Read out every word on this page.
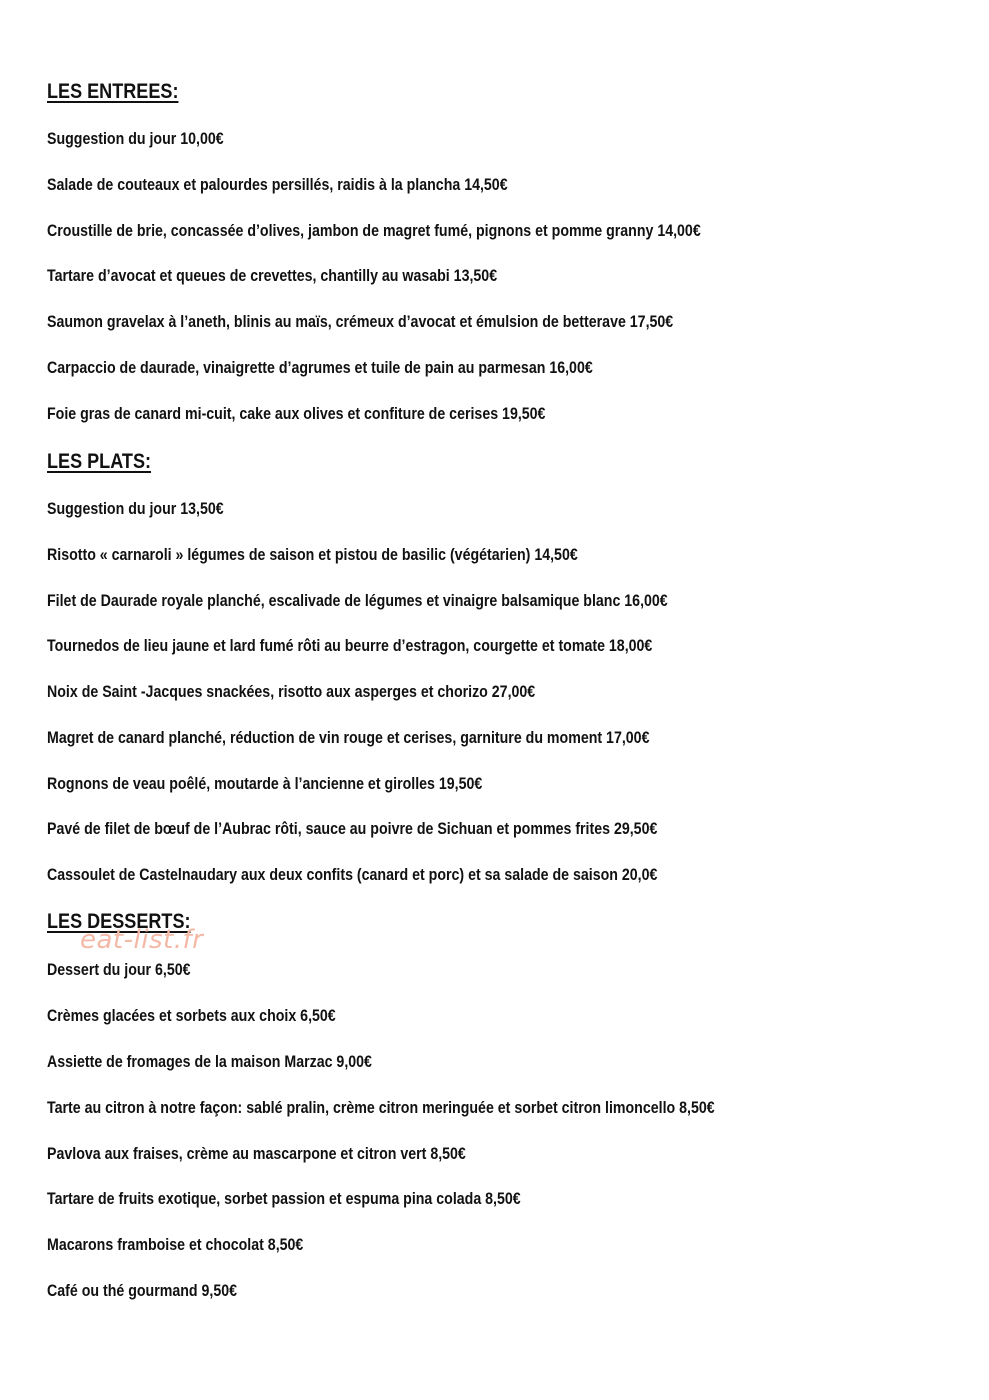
LES ENTREES:

Suggestion du jour 10,00€

Salade de couteaux et palourdes persillés, raidis à la plancha 14,50€

Croustille de brie, concassée d’olives, jambon de magret fumé, pignons et pomme granny 14,00€

Tartare d’avocat et queues de crevettes, chantilly au wasabi 13,50€

Saumon gravelax à l’aneth, blinis au maïs, crémeux d’avocat et émulsion de betterave 17,50€

Carpaccio de daurade, vinaigrette d’agrumes et tuile de pain au parmesan 16,00€

Foie gras de canard mi-cuit, cake aux olives et confiture de cerises 19,50€

LES PLATS:

Suggestion du jour 13,50€

Risotto « carnaroli » légumes de saison et pistou de basilic (végétarien) 14,50€

Filet de Daurade royale planché, escalivade de légumes et vinaigre balsamique blanc 16,00€

Tournedos de lieu jaune et lard fumé rôti au beurre d’estragon, courgette et tomate 18,00€

Noix de Saint -Jacques snackées, risotto aux asperges et chorizo 27,00€

Magret de canard planché, réduction de vin rouge et cerises, garniture du moment 17,00€

Rognons de veau poêlé, moutarde à l’ancienne et girolles 19,50€

Pavé de filet de bœuf de l’Aubrac rôti, sauce au poivre de Sichuan et pommes frites 29,50€

Cassoulet de Castelnaudary aux deux confits (canard et porc) et sa salade de saison 20,0€

LES DESSERTS:
eat-list.fr

Dessert du jour 6,50€

Crèmes glacées et sorbets aux choix 6,50€

Assiette de fromages de la maison Marzac 9,00€

Tarte au citron à notre façon: sablé pralin, crème citron meringuée et sorbet citron limoncello 8,50€

Pavlova aux fraises, crème au mascarpone et citron vert 8,50€

Tartare de fruits exotique, sorbet passion et espuma pina colada 8,50€

Macarons framboise et chocolat 8,50€

Café ou thé gourmand 9,50€
